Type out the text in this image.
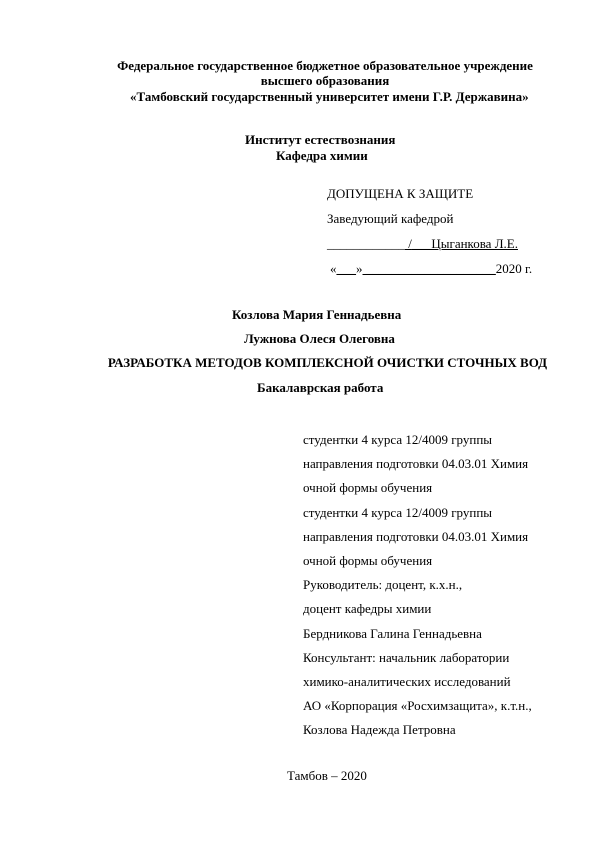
Федеральное государственное бюджетное образовательное учреждение
высшего образования
«Тамбовский государственный университет имени Г.Р. Державина»
Институт естествознания
Кафедра химии
ДОПУЩЕНА К ЗАЩИТЕ
Заведующий кафедрой
____________ /___Цыганкова Л.Е.
«___» ____________________2020 г.
Козлова Мария Геннадьевна
Лужнова Олеся Олеговна
РАЗРАБОТКА МЕТОДОВ КОМПЛЕКСНОЙ ОЧИСТКИ СТОЧНЫХ ВОД
Бакалаврская работа
студентки 4 курса 12/4009 группы
направления подготовки 04.03.01 Химия
очной формы обучения
студентки 4 курса 12/4009 группы
направления подготовки 04.03.01 Химия
очной формы обучения
Руководитель: доцент, к.х.н.,
доцент кафедры химии
Бердникова Галина Геннадьевна
Консультант: начальник лаборатории
химико-аналитических исследований
АО «Корпорация «Росхимзащита», к.т.н.,
Козлова Надежда Петровна
Тамбов – 2020
